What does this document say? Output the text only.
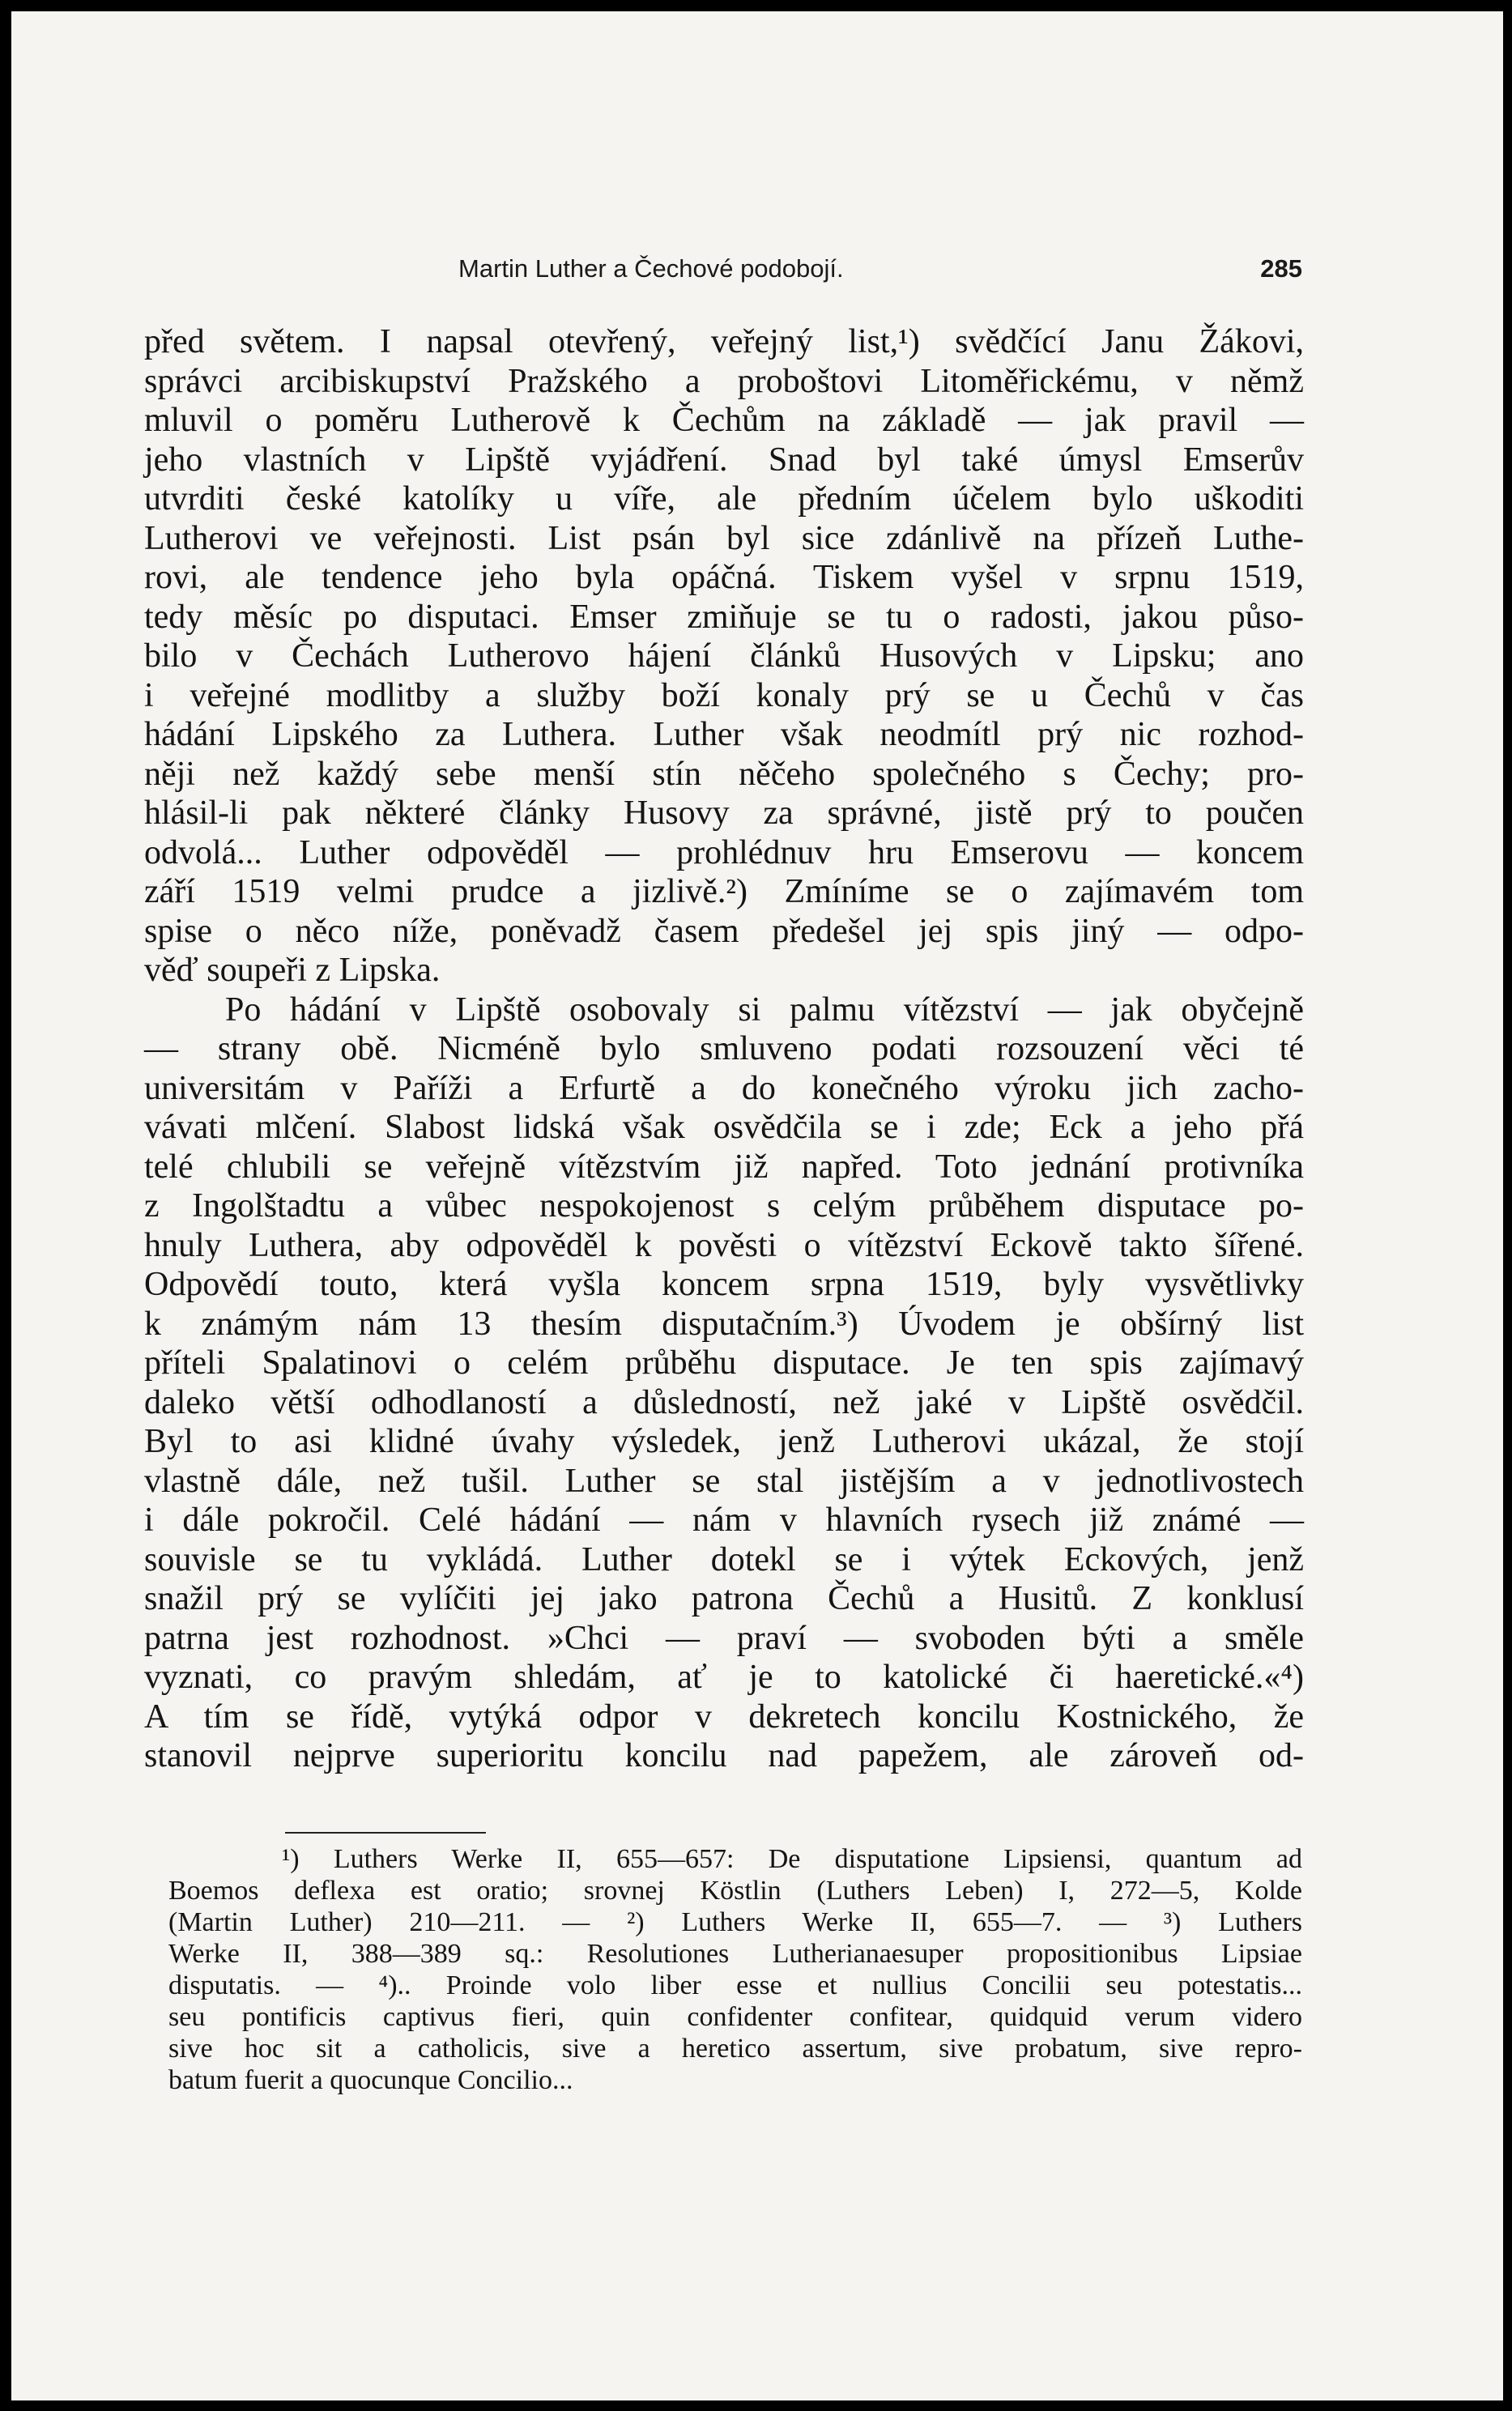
Martin Luther a Čechové podobojí.	285

před světem. I napsal otevřený, veřejný list,¹) svědčící Janu Žákovi,
správci arcibiskupství Pražského a proboštovi Litoměřickému, v němž
mluvil o poměru Lutherově k Čechům na základě — jak pravil —
jeho vlastních v Lipště vyjádření. Snad byl také úmysl Emserův
utvrditi české katolíky u víře, ale předním účelem bylo uškoditi
Lutherovi ve veřejnosti. List psán byl sice zdánlivě na přízeň Luthe-
rovi, ale tendence jeho byla opáčná. Tiskem vyšel v srpnu 1519,
tedy měsíc po disputaci. Emser zmiňuje se tu o radosti, jakou půso-
bilo v Čechách Lutherovo hájení článků Husových v Lipsku; ano
i veřejné modlitby a služby boží konaly prý se u Čechů v čas
hádání Lipského za Luthera. Luther však neodmítl prý nic rozhod-
něji než každý sebe menší stín něčeho společného s Čechy; pro-
hlásil-li pak některé články Husovy za správné, jistě prý to poučen
odvolá... Luther odpověděl — prohlédnuv hru Emserovu — koncem
září 1519 velmi prudce a jizlivě.²) Zmíníme se o zajímavém tom
spise o něco níže, poněvadž časem předešel jej spis jiný — odpo-
věď soupeři z Lipska.

Po hádání v Lipště osobovaly si palmu vítězství — jak obyčejně
— strany obě. Nicméně bylo smluveno podati rozsouzení věci té
universitám v Paříži a Erfurtě a do konečného výroku jich zacho-
vávati mlčení. Slabost lidská však osvědčila se i zde; Eck a jeho přá
telé chlubili se veřejně vítězstvím již napřed. Toto jednání protivníka
z Ingolštadtu a vůbec nespokojenost s celým průběhem disputace po-
hnuly Luthera, aby odpověděl k pověsti o vítězství Eckově takto šířené.
Odpovědí touto, která vyšla koncem srpna 1519, byly vysvětlivky
k známým nám 13 thesím disputačním.³) Úvodem je obšírný list
příteli Spalatinovi o celém průběhu disputace. Je ten spis zajímavý
daleko větší odhodlaností a důsledností, než jaké v Lipště osvědčil.
Byl to asi klidné úvahy výsledek, jenž Lutherovi ukázal, že stojí
vlastně dále, než tušil. Luther se stal jistějším a v jednotlivostech
i dále pokročil. Celé hádání — nám v hlavních rysech již známé —
souvisle se tu vykládá. Luther dotekl se i výtek Eckových, jenž
snažil prý se vylíčiti jej jako patrona Čechů a Husitů. Z konklusí
patrna jest rozhodnost. »Chci — praví — svoboden býti a směle
vyznati, co pravým shledám, ať je to katolické či haeretické.«⁴)
A tím se řídě, vytýká odpor v dekretech koncilu Kostnického, že
stanovil nejprve superioritu koncilu nad papežem, ale zároveň od-

¹) Luthers Werke II, 655—657: De disputatione Lipsiensi, quantum ad
Boemos deflexa est oratio; srovnej Köstlin (Luthers Leben) I, 272—5, Kolde
(Martin Luther) 210—211. — ²) Luthers Werke II, 655—7. — ³) Luthers
Werke II, 388—389 sq.: Resolutiones Lutherianaesuper propositionibus Lipsiae
disputatis. — ⁴).. Proinde volo liber esse et nullius Concilii seu potestatis...
seu pontificis captivus fieri, quin confidenter confitear, quidquid verum videro
sive hoc sit a catholicis, sive a heretico assertum, sive probatum, sive repro-
batum fuerit a quocunque Concilio...
